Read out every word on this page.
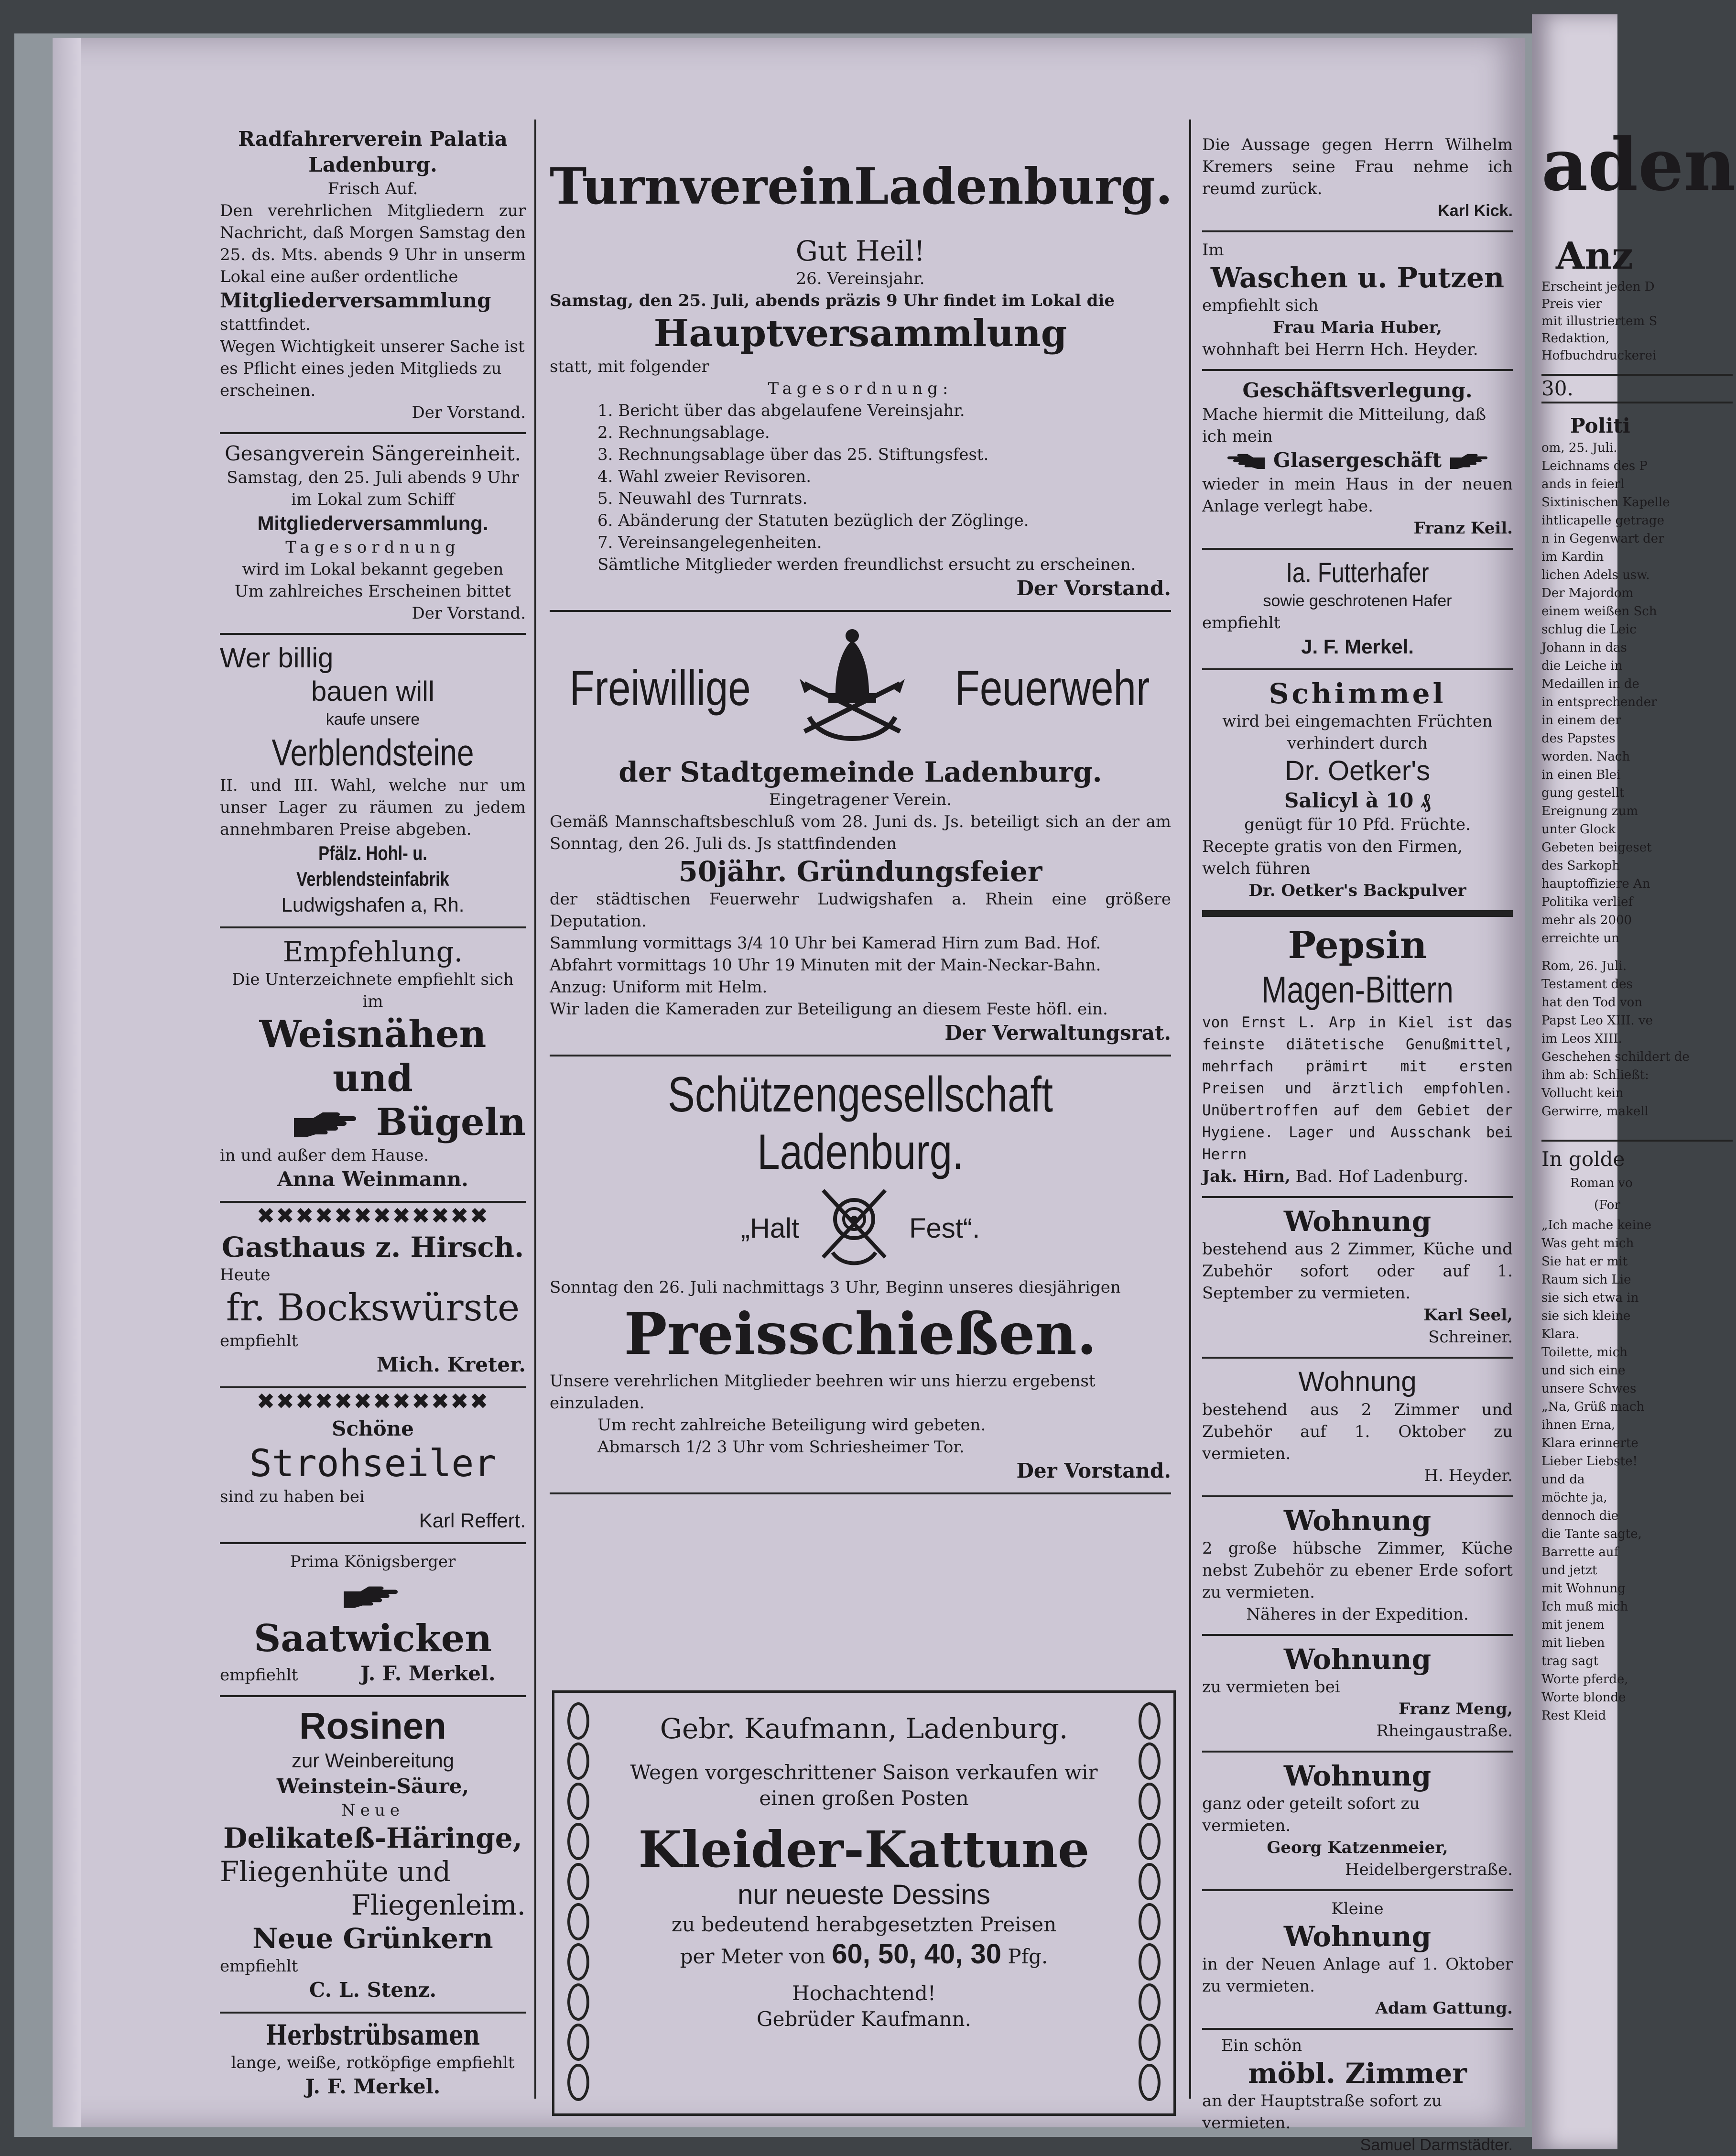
Radfahrerverein Palatia

Ladenburg.

Frisch Auf.

Den verehrlichen Mitgliedern zur Nachricht, daß Morgen Samstag den 25. ds. Mts. abends 9 Uhr in unserm Lokal eine außer ordentliche

Mitgliederversammlung

stattfindet.

Wegen Wichtigkeit unserer Sache ist es Pflicht eines jeden Mitglieds zu erscheinen.

Der Vorstand.

Gesangverein Sängereinheit.

Samstag, den 25. Juli abends 9 Uhr im Lokal zum Schiff

Mitgliederversammlung.

Tagesordnung

wird im Lokal bekannt gegeben

Um zahlreiches Erscheinen bittet

Der Vorstand.

Wer billig

bauen will

kaufe unsere

Verblendsteine

II. und III. Wahl, welche nur um unser Lager zu räumen zu jedem annehmbaren Preise abgeben.

Pfälz. Hohl- u. Verblendsteinfabrik

Ludwigshafen a, Rh.

Empfehlung.

Die Unterzeichnete empfiehlt sich im

Weisnähen und

Bügeln

in und außer dem Hause.

Anna Weinmann.

✖✖✖✖✖✖✖✖✖✖✖✖

Gasthaus z. Hirsch.

Heute

fr. Bockswürste

empfiehlt

Mich. Kreter.

✖✖✖✖✖✖✖✖✖✖✖✖

Schöne

Strohseiler

sind zu haben bei

Karl Reffert.

Prima Königsberger

Saatwicken

empfiehlt	J. F. Merkel.

Rosinen

zur Weinbereitung

Weinstein-Säure,

Neue

Delikateß-Häringe,

Fliegenhüte und

Fliegenleim.

Neue Grünkern

empfiehlt

C. L. Stenz.

Herbstrübsamen

lange, weiße, rotköpfige empfiehlt

J. F. Merkel.

Turnverein Ladenburg.

Gut Heil!

26. Vereinsjahr.

Samstag, den 25. Juli, abends präzis 9 Uhr findet im Lokal die

Hauptversammlung

statt, mit folgender

Tagesordnung:

1. Bericht über das abgelaufene Vereinsjahr.

2. Rechnungsablage.

3. Rechnungsablage über das 25. Stiftungsfest.

4. Wahl zweier Revisoren.

5. Neuwahl des Turnrats.

6. Abänderung der Statuten bezüglich der Zöglinge.

7. Vereinsangelegenheiten.

Sämtliche Mitglieder werden freundlichst ersucht zu erscheinen.

Der Vorstand.

Freiwillige	Feuerwehr

der Stadtgemeinde Ladenburg.

Eingetragener Verein.

Gemäß Mannschaftsbeschluß vom 28. Juni ds. Js. beteiligt sich an der am Sonntag, den 26. Juli ds. Js stattfindenden

50jähr. Gründungsfeier

der städtischen Feuerwehr Ludwigshafen a. Rhein eine größere Deputation.

Sammlung vormittags 3/4 10 Uhr bei Kamerad Hirn zum Bad. Hof.

Abfahrt vormittags 10 Uhr 19 Minuten mit der Main-Neckar-Bahn.

Anzug: Uniform mit Helm.

Wir laden die Kameraden zur Beteiligung an diesem Feste höfl. ein.

Der Verwaltungsrat.

Schützengesellschaft Ladenburg.

„Halt	Fest“.

Sonntag den 26. Juli nachmittags 3 Uhr, Beginn unseres diesjährigen

Preisschießen.

Unsere verehrlichen Mitglieder beehren wir uns hierzu ergebenst einzuladen.

Um recht zahlreiche Beteiligung wird gebeten.

Abmarsch 1/2 3 Uhr vom Schriesheimer Tor.

Der Vorstand.

Gebr. Kaufmann, Ladenburg.

Wegen vorgeschrittener Saison verkaufen wir einen großen Posten

Kleider-Kattune

nur neueste Dessins

zu bedeutend herabgesetzten Preisen

per Meter von 60, 50, 40, 30 Pfg.

Hochachtend!

Gebrüder Kaufmann.

Die Aussage gegen Herrn Wilhelm Kremers seine Frau nehme ich reumd zurück.

Karl Kick.

Im

Waschen u. Putzen

empfiehlt sich

Frau Maria Huber,

wohnhaft bei Herrn Hch. Heyder.

Geschäftsverlegung.

Mache hiermit die Mitteilung, daß ich mein

Glasergeschäft

wieder in mein Haus in der neuen Anlage verlegt habe.

Franz Keil.

Ia. Futterhafer

sowie geschrotenen Hafer

empfiehlt

J. F. Merkel.

Schimmel

wird bei eingemachten Früchten

verhindert durch

Dr. Oetker's

Salicyl à 10 ₰

genügt für 10 Pfd. Früchte.

Recepte gratis von den Firmen, welch führen

Dr. Oetker's Backpulver

Pepsin

Magen-Bittern

von Ernst L. Arp in Kiel ist das feinste diätetische Genußmittel, mehrfach prämirt mit ersten Preisen und ärztlich empfohlen. Unübertroffen auf dem Gebiet der Hygiene. Lager und Ausschank bei Herrn

Jak. Hirn, Bad. Hof Ladenburg.

Wohnung

bestehend aus 2 Zimmer, Küche und Zubehör sofort oder auf 1. September zu vermieten.

Karl Seel,

Schreiner.

Wohnung

bestehend aus 2 Zimmer und Zubehör auf 1. Oktober zu vermieten.

H. Heyder.

Wohnung

2 große hübsche Zimmer, Küche nebst Zubehör zu ebener Erde sofort zu vermieten.

Näheres in der Expedition.

Wohnung

zu vermieten bei

Franz Meng,

Rheingaustraße.

Wohnung

ganz oder geteilt sofort zu vermieten.

Georg Katzenmeier,

Heidelbergerstraße.

Kleine

Wohnung

in der Neuen Anlage auf 1. Oktober zu vermieten.

Adam Gattung.

Ein schön

möbl. Zimmer

an der Hauptstraße sofort zu vermieten.

Samuel Darmstädter.

aden

Anz

Erscheint jeden D

Preis vier

mit illustriertem S

Redaktion,

Hofbuchdruckerei

30.

Politi

om, 25. Juli.

Leichnams des P

ands in feierl

Sixtinischen Kapelle

ihtlicapelle getrage

n in Gegenwart der

im Kardin

lichen Adels usw.

Der Majordom

einem weißen Sch

schlug die Leic

Johann in das

die Leiche in

Medaillen in de

in entsprechender

in einem der

des Papstes

worden. Nach

in einen Blei

gung gestellt

Ereignung zum

unter Glock

Gebeten beigeset

des Sarkoph

hauptoffiziere An

Politika verlief

mehr als 2000

erreichte un

Rom, 26. Juli.

Testament des

hat den Tod von

Papst Leo XIII. ve

im Leos XIII.

Geschehen schildert de

ihm ab: Schließt:

Vollucht kein

Gerwirre, makell

In golde

Roman vo

(For

„Ich mache keine

Was geht mich

Sie hat er mit

Raum sich Lie

sie sich etwa in

sie sich kleine

Klara.

Toilette, mich

und sich eine

unsere Schwes

„Na, Grüß mach

ihnen Erna,

Klara erinnerte

Lieber Liebste!

und da

möchte ja,

dennoch die

die Tante sagte,

Barrette auf

und jetzt

mit Wohnung

Ich muß mich

mit jenem

mit lieben

trag sagt

Worte pferde,

Worte blonde

Rest Kleid
